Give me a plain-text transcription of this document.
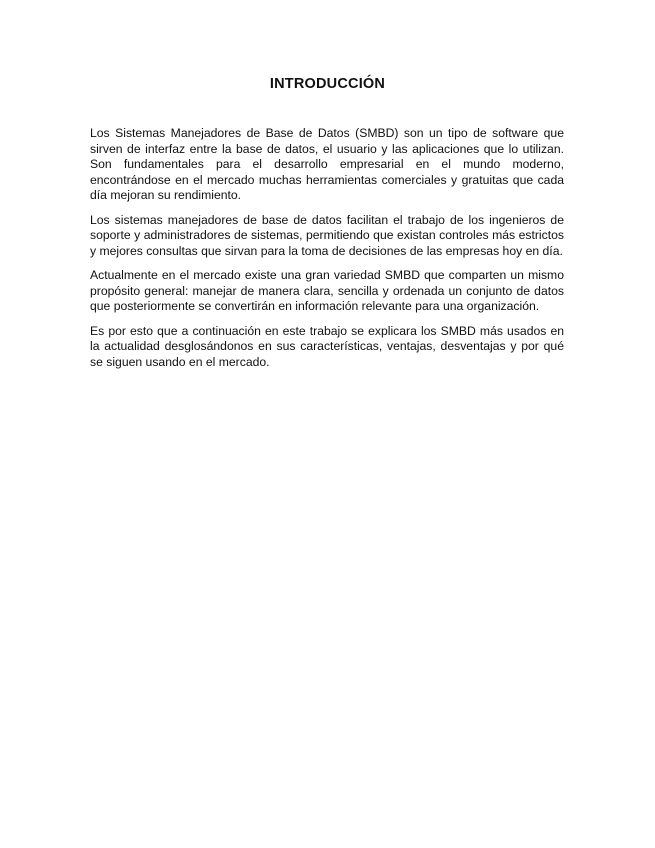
INTRODUCCIÓN

Los Sistemas Manejadores de Base de Datos (SMBD) son un tipo de software que sirven de interfaz entre la base de datos, el usuario y las aplicaciones que lo utilizan. Son fundamentales para el desarrollo empresarial en el mundo moderno, encontrándose en el mercado muchas herramientas comerciales y gratuitas que cada día mejoran su rendimiento.

Los sistemas manejadores de base de datos facilitan el trabajo de los ingenieros de soporte y administradores de sistemas, permitiendo que existan controles más estrictos y mejores consultas que sirvan para la toma de decisiones de las empresas hoy en día.

Actualmente en el mercado existe una gran variedad SMBD que comparten un mismo propósito general: manejar de manera clara, sencilla y ordenada un conjunto de datos que posteriormente se convertirán en información relevante para una organización.

Es por esto que a continuación en este trabajo se explicara los SMBD más usados en la actualidad desglosándonos en sus características, ventajas, desventajas y por qué se siguen usando en el mercado.
